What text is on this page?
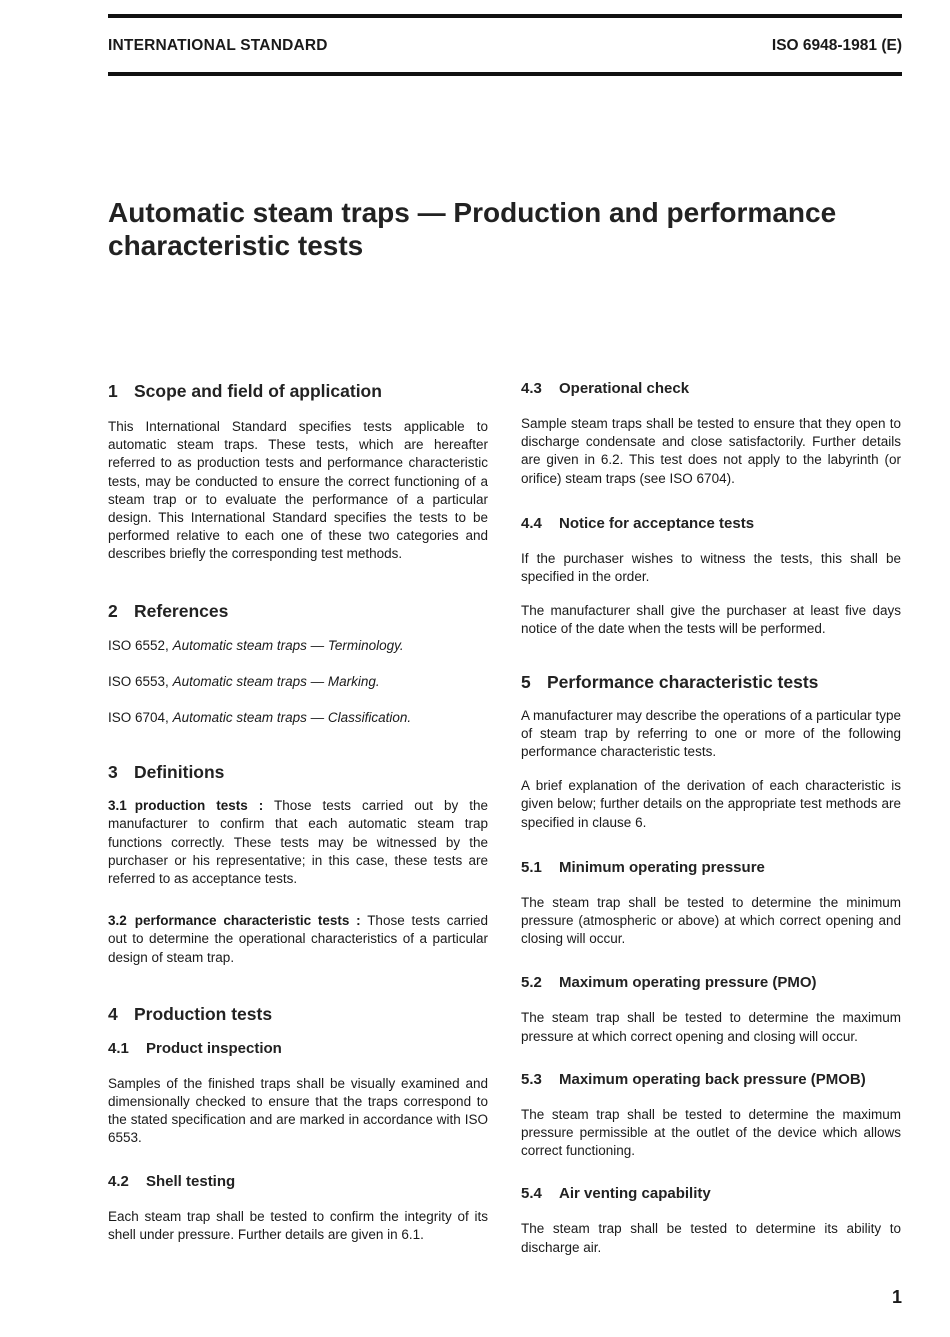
INTERNATIONAL STANDARD	ISO 6948-1981 (E)
Automatic steam traps — Production and performance characteristic tests
1 Scope and field of application

This International Standard specifies tests applicable to automatic steam traps. These tests, which are hereafter referred to as production tests and performance characteristic tests, may be conducted to ensure the correct functioning of a steam trap or to evaluate the performance of a particular design. This International Standard specifies the tests to be performed relative to each one of these two categories and describes briefly the corresponding test methods.

2 References

ISO 6552, Automatic steam traps — Terminology.

ISO 6553, Automatic steam traps — Marking.

ISO 6704, Automatic steam traps — Classification.

3 Definitions

3.1 production tests : Those tests carried out by the manufacturer to confirm that each automatic steam trap functions correctly. These tests may be witnessed by the purchaser or his representative; in this case, these tests are referred to as acceptance tests.

3.2 performance characteristic tests : Those tests carried out to determine the operational characteristics of a particular design of steam trap.

4 Production tests
4.1 Product inspection

Samples of the finished traps shall be visually examined and dimensionally checked to ensure that the traps correspond to the stated specification and are marked in accordance with ISO 6553.

4.2 Shell testing

Each steam trap shall be tested to confirm the integrity of its shell under pressure. Further details are given in 6.1.

4.3 Operational check

Sample steam traps shall be tested to ensure that they open to discharge condensate and close satisfactorily. Further details are given in 6.2. This test does not apply to the labyrinth (or orifice) steam traps (see ISO 6704).

4.4 Notice for acceptance tests

If the purchaser wishes to witness the tests, this shall be specified in the order.

The manufacturer shall give the purchaser at least five days notice of the date when the tests will be performed.

5 Performance characteristic tests

A manufacturer may describe the operations of a particular type of steam trap by referring to one or more of the following performance characteristic tests.

A brief explanation of the derivation of each characteristic is given below; further details on the appropriate test methods are specified in clause 6.

5.1 Minimum operating pressure

The steam trap shall be tested to determine the minimum pressure (atmospheric or above) at which correct opening and closing will occur.

5.2 Maximum operating pressure (PMO)

The steam trap shall be tested to determine the maximum pressure at which correct opening and closing will occur.

5.3 Maximum operating back pressure (PMOB)

The steam trap shall be tested to determine the maximum pressure permissible at the outlet of the device which allows correct functioning.

5.4 Air venting capability

The steam trap shall be tested to determine its ability to discharge air.

1
